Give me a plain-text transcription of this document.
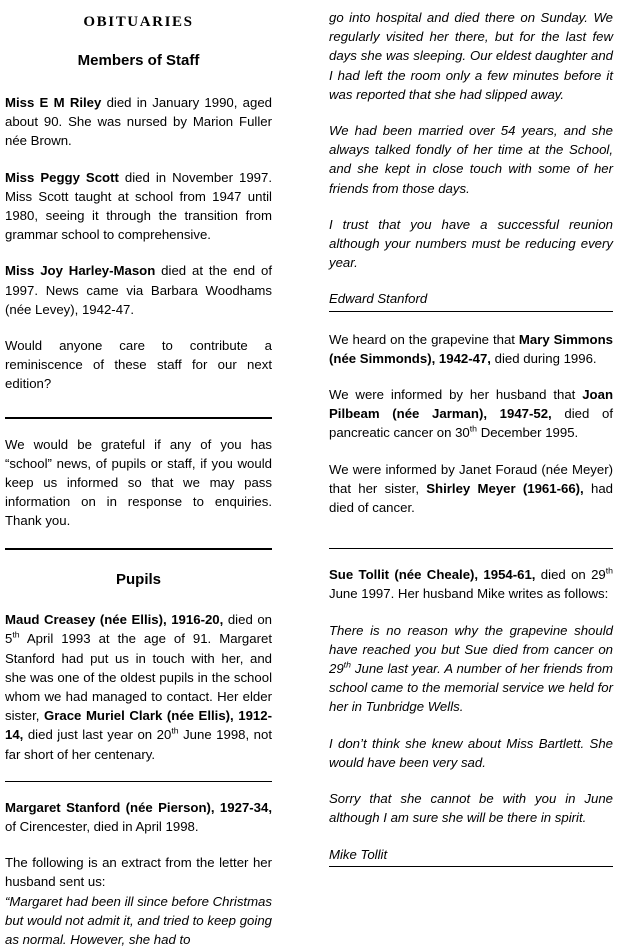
OBITUARIES
Members of Staff

Miss E M Riley died in January 1990, aged about 90. She was nursed by Marion Fuller née Brown.

Miss Peggy Scott died in November 1997. Miss Scott taught at school from 1947 until 1980, seeing it through the transition from grammar school to comprehensive.

Miss Joy Harley-Mason died at the end of 1997. News came via Barbara Woodhams (née Levey), 1942-47.

Would anyone care to contribute a reminiscence of these staff for our next edition?

We would be grateful if any of you has “school” news, of pupils or staff, if you would keep us informed so that we may pass information on in response to enquiries. Thank you.

Pupils

Maud Creasey (née Ellis), 1916-20, died on 5th April 1993 at the age of 91. Margaret Stanford had put us in touch with her, and she was one of the oldest pupils in the school whom we had managed to contact. Her elder sister, Grace Muriel Clark (née Ellis), 1912-14, died just last year on 20th June 1998, not far short of her centenary.

Margaret Stanford (née Pierson), 1927-34, of Cirencester, died in April 1998.

The following is an extract from the letter her husband sent us:

“Margaret had been ill since before Christmas but would not admit it, and tried to keep going as normal. However, she had to

go into hospital and died there on Sunday. We regularly visited her there, but for the last few days she was sleeping. Our eldest daughter and I had left the room only a few minutes before it was reported that she had slipped away.

We had been married over 54 years, and she always talked fondly of her time at the School, and she kept in close touch with some of her friends from those days.

I trust that you have a successful reunion although your numbers must be reducing every year.

Edward Stanford

We heard on the grapevine that Mary Simmons (née Simmonds), 1942-47, died during 1996.

We were informed by her husband that Joan Pilbeam (née Jarman), 1947-52, died of pancreatic cancer on 30th December 1995.

We were informed by Janet Foraud (née Meyer) that her sister, Shirley Meyer (1961-66), had died of cancer.

Sue Tollit (née Cheale), 1954-61, died on 29th June 1997. Her husband Mike writes as follows:

There is no reason why the grapevine should have reached you but Sue died from cancer on 29th June last year. A number of her friends from school came to the memorial service we held for her in Tunbridge Wells.

I don’t think she knew about Miss Bartlett. She would have been very sad.

Sorry that she cannot be with you in June although I am sure she will be there in spirit.

Mike Tollit
